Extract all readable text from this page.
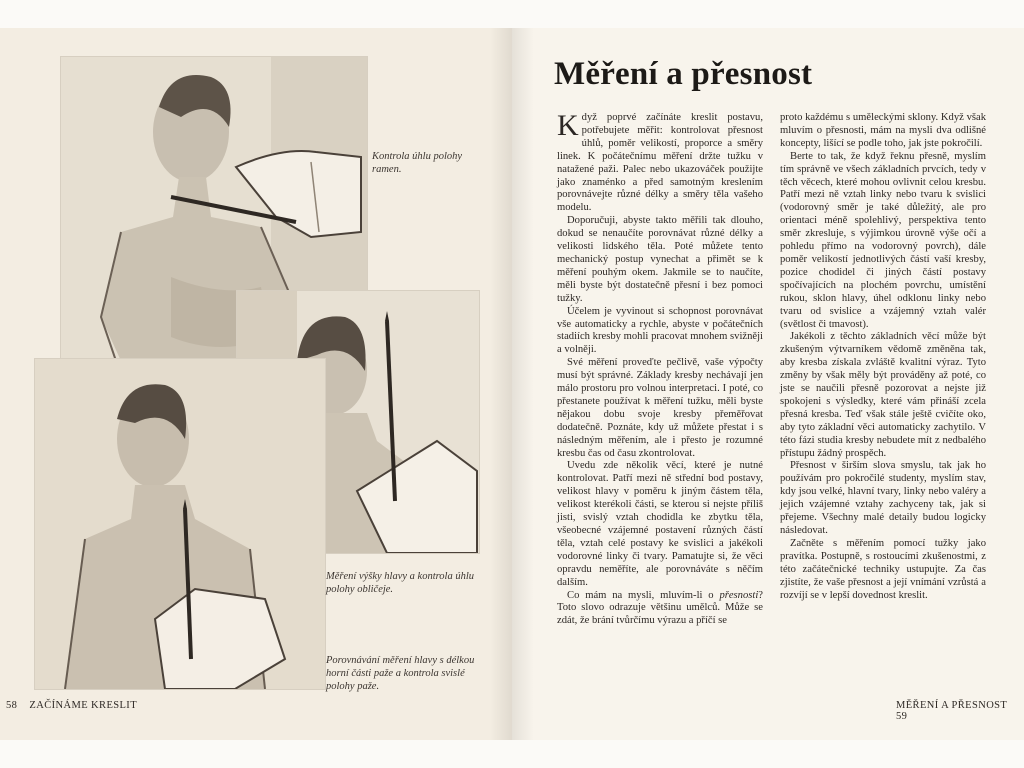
Kontrola úhlu polohy ramen.
Měření výšky hlavy a kontrola úhlu polohy obličeje.
Porovnávání měření hlavy s délkou horní části paže a kontrola svislé polohy paže.
58 ZAČÍNÁME KRESLIT
Měření a přesnost

Když poprvé začínáte kreslit postavu, potřebujete měřit: kontrolovat přesnost úhlů, poměr velikostí, proporce a směry linek. K počátečnímu měření držte tužku v natažené paži. Palec nebo ukazováček použijte jako znaménko a před samotným kreslením porovnávejte různé délky a směry těla vašeho modelu.

Doporučuji, abyste takto měřili tak dlouho, dokud se nenaučíte porovnávat různé délky a velikosti lidského těla. Poté můžete tento mechanický postup vynechat a přimět se k měření pouhým okem. Jakmile se to naučíte, měli byste být dostatečně přesní i bez pomoci tužky.

Účelem je vyvinout si schopnost porovnávat vše automaticky a rychle, abyste v počátečních stadiích kresby mohli pracovat mnohem svižněji a volněji.

Své měření proveďte pečlivě, vaše výpočty musí být správné. Základy kresby nechávají jen málo prostoru pro volnou interpretaci. I poté, co přestanete používat k měření tužku, měli byste nějakou dobu svoje kresby přeměřovat dodatečně. Poznáte, kdy už můžete přestat i s následným měřením, ale i přesto je rozumné kresbu čas od času zkontrolovat.

Uvedu zde několik věcí, které je nutné kontrolovat. Patří mezi ně střední bod postavy, velikost hlavy v poměru k jiným částem těla, velikost kterékoli části, se kterou si nejste příliš jisti, svislý vztah chodidla ke zbytku těla, všeobecné vzájemné postavení různých částí těla, vztah celé postavy ke svislici a jakékoli vodorovné linky či tvary. Pamatujte si, že věci opravdu neměříte, ale porovnáváte s něčím dalším.

Co mám na mysli, mluvím-li o přesnosti? Toto slovo odrazuje většinu umělců. Může se zdát, že brání tvůrčímu výrazu a příčí se

proto každému s uměleckými sklony. Když však mluvím o přesnosti, mám na mysli dva odlišné koncepty, lišící se podle toho, jak jste pokročilí.

Berte to tak, že když řeknu přesně, myslím tím správně ve všech základních prvcích, tedy v těch věcech, které mohou ovlivnit celou kresbu. Patří mezi ně vztah linky nebo tvaru k svislici (vodorovný směr je také důležitý, ale pro orientaci méně spolehlivý, perspektiva tento směr zkresluje, s výjimkou úrovně výše očí a pohledu přímo na vodorovný povrch), dále poměr velikostí jednotlivých částí vaší kresby, pozice chodidel či jiných částí postavy spočívajících na plochém povrchu, umístění rukou, sklon hlavy, úhel odklonu linky nebo tvaru od svislice a vzájemný vztah valér (světlost či tmavost).

Jakékoli z těchto základních věcí může být zkušeným výtvarníkem vědomě změněna tak, aby kresba získala zvláště kvalitní výraz. Tyto změny by však měly být prováděny až poté, co jste se naučili přesně pozorovat a nejste již spokojeni s výsledky, které vám přináší zcela přesná kresba. Teď však stále ještě cvičíte oko, aby tyto základní věci automaticky zachytilo. V této fázi studia kresby nebudete mít z nedbalého přístupu žádný prospěch.

Přesnost v širším slova smyslu, tak jak ho používám pro pokročilé studenty, myslím stav, kdy jsou velké, hlavní tvary, linky nebo valéry a jejich vzájemné vztahy zachyceny tak, jak si přejeme. Všechny malé detaily budou logicky následovat.

Začněte s měřením pomocí tužky jako pravítka. Postupně, s rostoucími zkušenostmi, z této začátečnické techniky ustupujte. Za čas zjistíte, že vaše přesnost a její vnímání vzrůstá a rozvíjí se v lepší dovednost kreslit.

MĚŘENÍ A PŘESNOST    59
